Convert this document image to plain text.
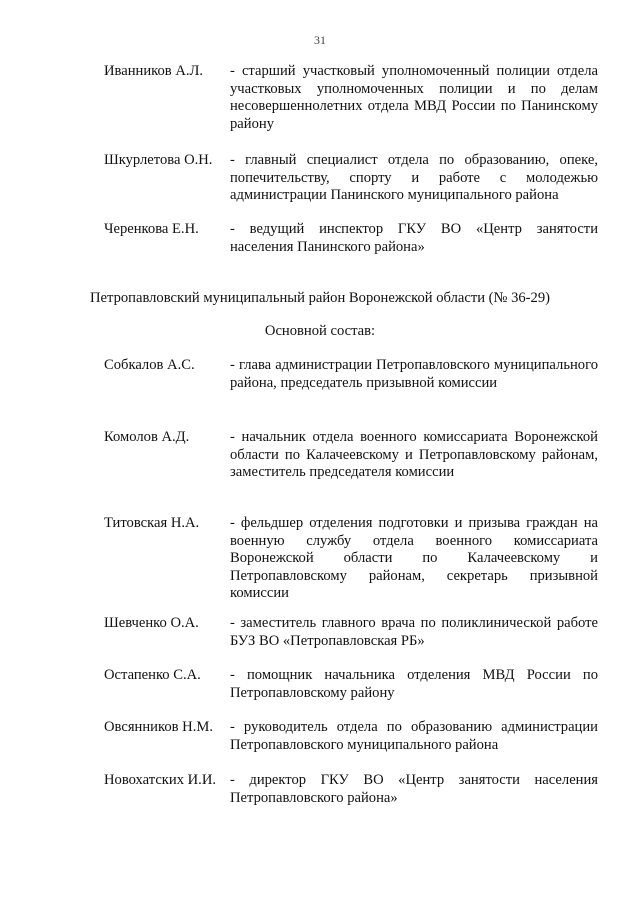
31
Иванников А.Л. - старший участковый уполномоченный полиции отдела участковых уполномоченных полиции и по делам несовершеннолетних отдела МВД России по Панинскому району
Шкурлетова О.Н. - главный специалист отдела по образованию, опеке, попечительству, спорту и работе с молодежью администрации Панинского муниципального района
Черенкова Е.Н. - ведущий инспектор ГКУ ВО «Центр занятости населения Панинского района»
Петропавловский муниципальный район Воронежской области (№ 36-29)
Основной состав:
Собкалов А.С. - глава администрации Петропавловского муниципального района, председатель призывной комиссии
Комолов А.Д.	- начальник отдела военного комиссариата Воронежской области по Калачеевскому и Петропавловскому районам, заместитель председателя комиссии
Титовская Н.А. - фельдшер отделения подготовки и призыва граждан на военную службу отдела военного комиссариата Воронежской области по Калачеевскому и Петропавловскому районам, секретарь призывной комиссии
Шевченко О.А. - заместитель главного врача по поликлинической работе БУЗ ВО «Петропавловская РБ»
Остапенко С.А. - помощник начальника отделения МВД России по Петропавловскому району
Овсянников Н.М. - руководитель отдела по образованию администрации Петропавловского муниципального района
Новохатских И.И. - директор ГКУ ВО «Центр занятости населения Петропавловского района»
